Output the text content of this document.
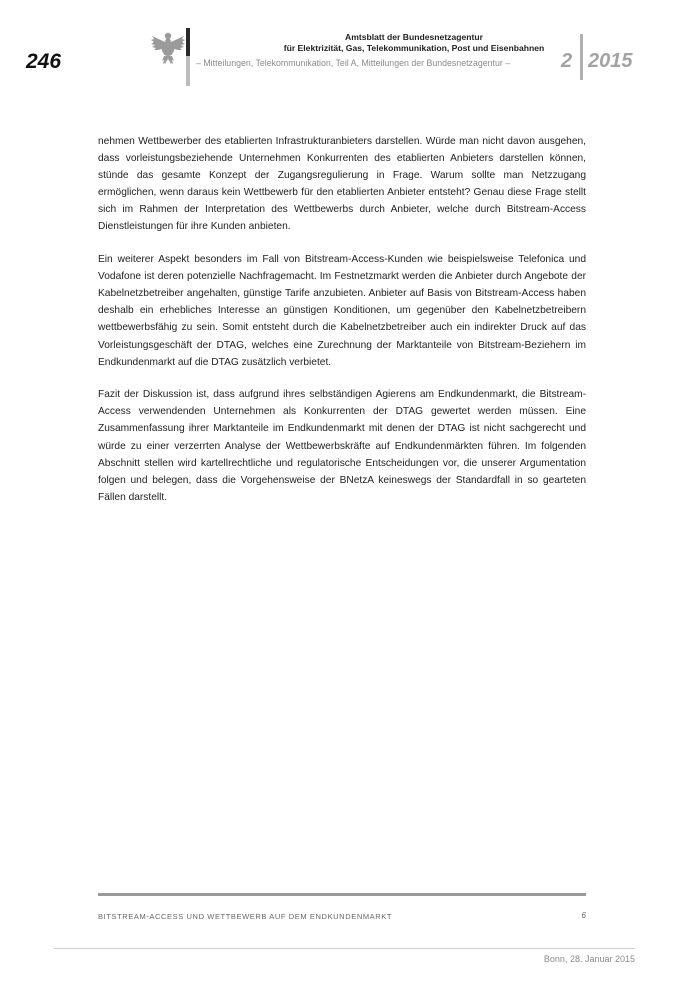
246
Amtsblatt der Bundesnetzagentur
für Elektrizität, Gas, Telekommunikation, Post und Eisenbahnen
– Mitteilungen, Telekommunikation, Teil A, Mitteilungen der Bundesnetzagentur –	2 2015

nehmen Wettbewerber des etablierten Infrastrukturanbieters darstellen. Würde man nicht davon ausgehen, dass vorleistungsbeziehende Unternehmen Konkurrenten des etablierten Anbieters darstellen können, stünde das gesamte Konzept der Zugangsregulierung in Frage. Warum sollte man Netzzugang ermöglichen, wenn daraus kein Wettbewerb für den etablierten Anbieter entsteht? Genau diese Frage stellt sich im Rahmen der Interpretation des Wettbewerbs durch Anbieter, welche durch Bitstream-Access Dienstleistungen für ihre Kunden anbieten.

Ein weiterer Aspekt besonders im Fall von Bitstream-Access-Kunden wie beispielsweise Telefonica und Vodafone ist deren potenzielle Nachfragemacht. Im Festnetzmarkt werden die Anbieter durch Angebote der Kabelnetzbetreiber angehalten, günstige Tarife anzubieten. Anbieter auf Basis von Bitstream-Access haben deshalb ein erhebliches Interesse an günstigen Konditionen, um gegenüber den Kabelnetzbetreibern wettbewerbsfähig zu sein. Somit entsteht durch die Kabelnetzbetreiber auch ein indirekter Druck auf das Vorleistungsgeschäft der DTAG, welches eine Zurechnung der Marktanteile von Bitstream-Beziehern im Endkundenmarkt auf die DTAG zusätzlich verbietet.

Fazit der Diskussion ist, dass aufgrund ihres selbständigen Agierens am Endkundenmarkt, die Bitstream-Access verwendenden Unternehmen als Konkurrenten der DTAG gewertet werden müssen. Eine Zusammenfassung ihrer Marktanteile im Endkundenmarkt mit denen der DTAG ist nicht sachgerecht und würde zu einer verzerrten Analyse der Wettbewerbskräfte auf Endkundenmärkten führen. Im folgenden Abschnitt stellen wird kartellrechtliche und regulatorische Entscheidungen vor, die unserer Argumentation folgen und belegen, dass die Vorgehensweise der BNetzA keineswegs der Standardfall in so gearteten Fällen darstellt.

BITSTREAM-ACCESS UND WETTBEWERB AUF DEM ENDKUNDENMARKT	6
Bonn, 28. Januar 2015
